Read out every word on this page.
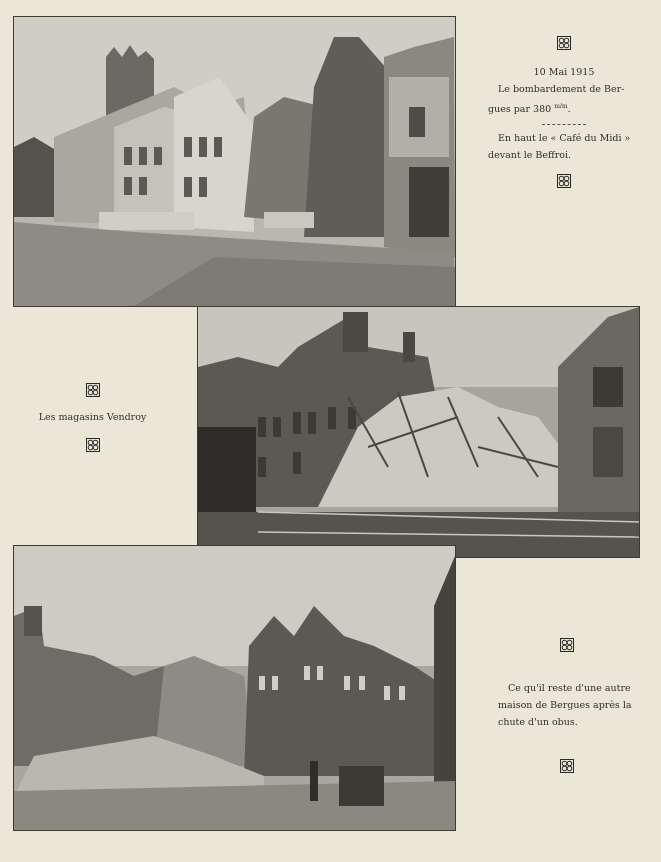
10 Mai 1915
Le bombardement de Ber-
gues par 380 $^{m/m}$.
En haut le « Café du Midi »
devant le Beffroi.
Les magasins Vendroy
Ce qu'il reste d'une autre
maison de Bergues après la
chute d'un obus.
